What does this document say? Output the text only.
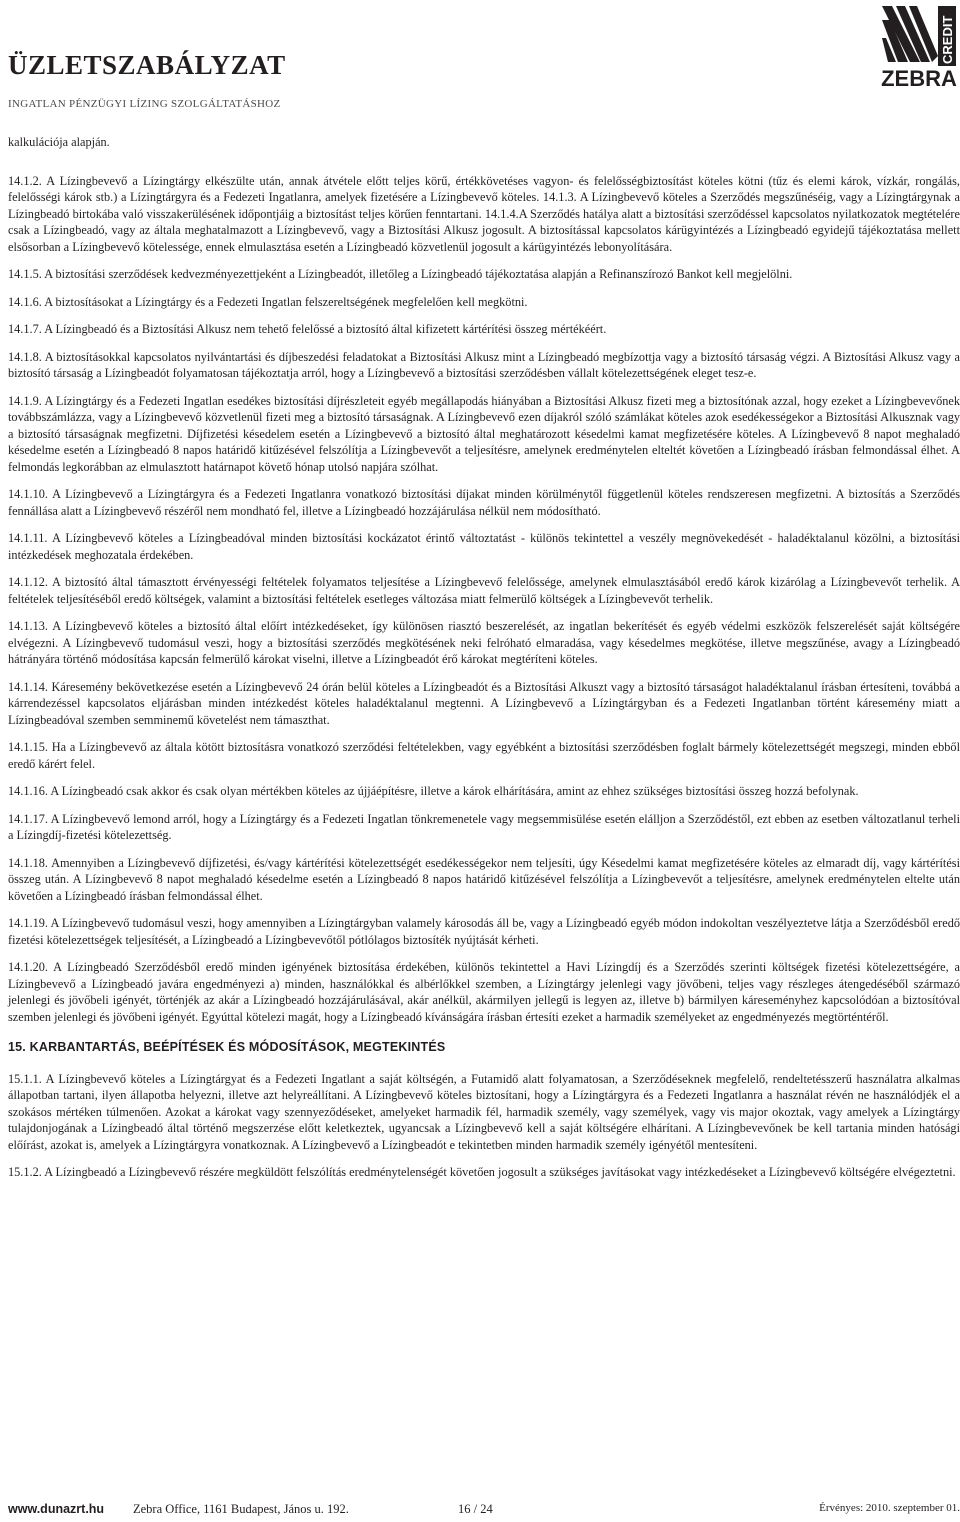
ÜZLETSZABÁLYZAT
INGATLAN PÉNZÜGYI LÍZING SZOLGÁLTATÁSHOZ
CREDIT
ZEBRA

kalkulációja alapján.

14.1.2. A Lízingbevevő a Lízingtárgy elkészülte után, annak átvétele előtt teljes körű, értékkövetéses vagyon- és felelősségbiztosítást köteles kötni (tűz és elemi károk, vízkár, rongálás, felelősségi károk stb.) a Lízingtárgyra és a Fedezeti Ingatlanra, amelyek fizetésére a Lízingbevevő köteles. 14.1.3. A Lízingbevevő köteles a Szerződés megszűnéséig, vagy a Lízingtárgynak a Lízingbeadó birtokába való visszakerülésének időpontjáig a biztosítást teljes körűen fenntartani. 14.1.4.A Szerződés hatálya alatt a biztosítási szerződéssel kapcsolatos nyilatkozatok megtételére csak a Lízingbeadó, vagy az általa meghatalmazott a Lízingbevevő, vagy a Biztosítási Alkusz jogosult. A biztosítással kapcsolatos kárügyintézés a Lízingbeadó egyidejű tájékoztatása mellett elsősorban a Lízingbevevő kötelessége, ennek elmulasztása esetén a Lízingbeadó közvetlenül jogosult a kárügyintézés lebonyolítására.

14.1.5. A biztosítási szerződések kedvezményezettjeként a Lízingbeadót, illetőleg a Lízingbeadó tájékoztatása alapján a Refinanszírozó Bankot kell megjelölni.

14.1.6. A biztosításokat a Lízingtárgy és a Fedezeti Ingatlan felszereltségének megfelelően kell megkötni.

14.1.7. A Lízingbeadó és a Biztosítási Alkusz nem tehető felelőssé a biztosító által kifizetett kártérítési összeg mértékéért.

14.1.8. A biztosításokkal kapcsolatos nyilvántartási és díjbeszedési feladatokat a Biztosítási Alkusz mint a Lízingbeadó megbízottja vagy a biztosító társaság végzi. A Biztosítási Alkusz vagy a biztosító társaság a Lízingbeadót folyamatosan tájékoztatja arról, hogy a Lízingbevevő a biztosítási szerződésben vállalt kötelezettségének eleget tesz-e.

14.1.9. A Lízingtárgy és a Fedezeti Ingatlan esedékes biztosítási díjrészleteit egyéb megállapodás hiányában a Biztosítási Alkusz fizeti meg a biztosítónak azzal, hogy ezeket a Lízingbevevőnek továbbszámlázza, vagy a Lízingbevevő közvetlenül fizeti meg a biztosító társaságnak. A Lízingbevevő ezen díjakról szóló számlákat köteles azok esedékességekor a Biztosítási Alkusznak vagy a biztosító társaságnak megfizetni. Díjfizetési késedelem esetén a Lízingbevevő a biztosító által meghatározott késedelmi kamat megfizetésére köteles. A Lízingbevevő 8 napot meghaladó késedelme esetén a Lízingbeadó 8 napos határidő kitűzésével felszólítja a Lízingbevevőt a teljesítésre, amelynek eredménytelen elteltét követően a Lízingbeadó írásban felmondással élhet. A felmondás legkorábban az elmulasztott határnapot követő hónap utolsó napjára szólhat.

14.1.10. A Lízingbevevő a Lízingtárgyra és a Fedezeti Ingatlanra vonatkozó biztosítási díjakat minden körülménytől függetlenül köteles rendszeresen megfizetni. A biztosítás a Szerződés fennállása alatt a Lízingbevevő részéről nem mondható fel, illetve a Lízingbeadó hozzájárulása nélkül nem módosítható.

14.1.11. A Lízingbevevő köteles a Lízingbeadóval minden biztosítási kockázatot érintő változtatást - különös tekintettel a veszély megnövekedését - haladéktalanul közölni, a biztosítási intézkedések meghozatala érdekében.

14.1.12. A biztosító által támasztott érvényességi feltételek folyamatos teljesítése a Lízingbevevő felelőssége, amelynek elmulasztásából eredő károk kizárólag a Lízingbevevőt terhelik. A feltételek teljesítéséből eredő költségek, valamint a biztosítási feltételek esetleges változása miatt felmerülő költségek a Lízingbevevőt terhelik.

14.1.13. A Lízingbevevő köteles a biztosító által előírt intézkedéseket, így különösen riasztó beszerelését, az ingatlan bekerítését és egyéb védelmi eszközök felszerelését saját költségére elvégezni. A Lízingbevevő tudomásul veszi, hogy a biztosítási szerződés megkötésének neki felróható elmaradása, vagy késedelmes megkötése, illetve megszűnése, avagy a Lízingbeadó hátrányára történő módosítása kapcsán felmerülő károkat viselni, illetve a Lízingbeadót érő károkat megtéríteni köteles.

14.1.14. Káresemény bekövetkezése esetén a Lízingbevevő 24 órán belül köteles a Lízingbeadót és a Biztosítási Alkuszt vagy a biztosító társaságot haladéktalanul írásban értesíteni, továbbá a kárrendezéssel kapcsolatos eljárásban minden intézkedést köteles haladéktalanul megtenni. A Lízingbevevő a Lízingtárgyban és a Fedezeti Ingatlanban történt káresemény miatt a Lízingbeadóval szemben semminemű követelést nem támaszthat.

14.1.15. Ha a Lízingbevevő az általa kötött biztosításra vonatkozó szerződési feltételekben, vagy egyébként a biztosítási szerződésben foglalt bármely kötelezettségét megszegi, minden ebből eredő kárért felel.

14.1.16. A Lízingbeadó csak akkor és csak olyan mértékben köteles az újjáépítésre, illetve a károk elhárítására, amint az ehhez szükséges biztosítási összeg hozzá befolynak.

14.1.17. A Lízingbevevő lemond arról, hogy a Lízingtárgy és a Fedezeti Ingatlan tönkremenetele vagy megsemmisülése esetén elálljon a Szerződéstől, ezt ebben az esetben változatlanul terheli a Lízingdíj-fizetési kötelezettség.

14.1.18. Amennyiben a Lízingbevevő díjfizetési, és/vagy kártérítési kötelezettségét esedékességekor nem teljesíti, úgy Késedelmi kamat megfizetésére köteles az elmaradt díj, vagy kártérítési összeg után. A Lízingbevevő 8 napot meghaladó késedelme esetén a Lízingbeadó 8 napos határidő kitűzésével felszólítja a Lízingbevevőt a teljesítésre, amelynek eredménytelen eltelte után követően a Lízingbeadó írásban felmondással élhet.

14.1.19. A Lízingbevevő tudomásul veszi, hogy amennyiben a Lízingtárgyban valamely károsodás áll be, vagy a Lízingbeadó egyéb módon indokoltan veszélyeztetve látja a Szerződésből eredő fizetési kötelezettségek teljesítését, a Lízingbeadó a Lízingbevevőtől pótlólagos biztosíték nyújtását kérheti.

14.1.20. A Lízingbeadó Szerződésből eredő minden igényének biztosítása érdekében, különös tekintettel a Havi Lízingdíj és a Szerződés szerinti költségek fizetési kötelezettségére, a Lízingbevevő a Lízingbeadó javára engedményezi a) minden, használókkal és albérlőkkel szemben, a Lízingtárgy jelenlegi vagy jövőbeni, teljes vagy részleges átengedéséből származó jelenlegi és jövőbeli igényét, történjék az akár a Lízingbeadó hozzájárulásával, akár anélkül, akármilyen jellegű is legyen az, illetve b) bármilyen káreseményhez kapcsolódóan a biztosítóval szemben jelenlegi és jövőbeni igényét. Egyúttal kötelezi magát, hogy a Lízingbeadó kívánságára írásban értesíti ezeket a harmadik személyeket az engedményezés megtörténtéről.

15. KARBANTARTÁS, BEÉPÍTÉSEK ÉS MÓDOSÍTÁSOK, MEGTEKINTÉS

15.1.1. A Lízingbevevő köteles a Lízingtárgyat és a Fedezeti Ingatlant a saját költségén, a Futamidő alatt folyamatosan, a Szerződéseknek megfelelő, rendeltetésszerű használatra alkalmas állapotban tartani, ilyen állapotba helyezni, illetve azt helyreállítani. A Lízingbevevő köteles biztosítani, hogy a Lízingtárgyra és a Fedezeti Ingatlanra a használat révén ne használódjék el a szokásos mértéken túlmenően. Azokat a károkat vagy szennyeződéseket, amelyeket harmadik fél, harmadik személy, vagy személyek, vagy vis major okoztak, vagy amelyek a Lízingtárgy tulajdonjogának a Lízingbeadó által történő megszerzése előtt keletkeztek, ugyancsak a Lízingbevevő kell a saját költségére elhárítani. A Lízingbevevőnek be kell tartania minden hatósági előírást, azokat is, amelyek a Lízingtárgyra vonatkoznak. A Lízingbevevő a Lízingbeadót e tekintetben minden harmadik személy igényétől mentesíteni.

15.1.2. A Lízingbeadó a Lízingbevevő részére megküldött felszólítás eredménytelenségét követően jogosult a szükséges javításokat vagy intézkedéseket a Lízingbevevő költségére elvégeztetni.

www.dunazrt.hu Zebra Office, 1161 Budapest, János u. 192.	16 / 24	Érvényes: 2010. szeptember 01.
